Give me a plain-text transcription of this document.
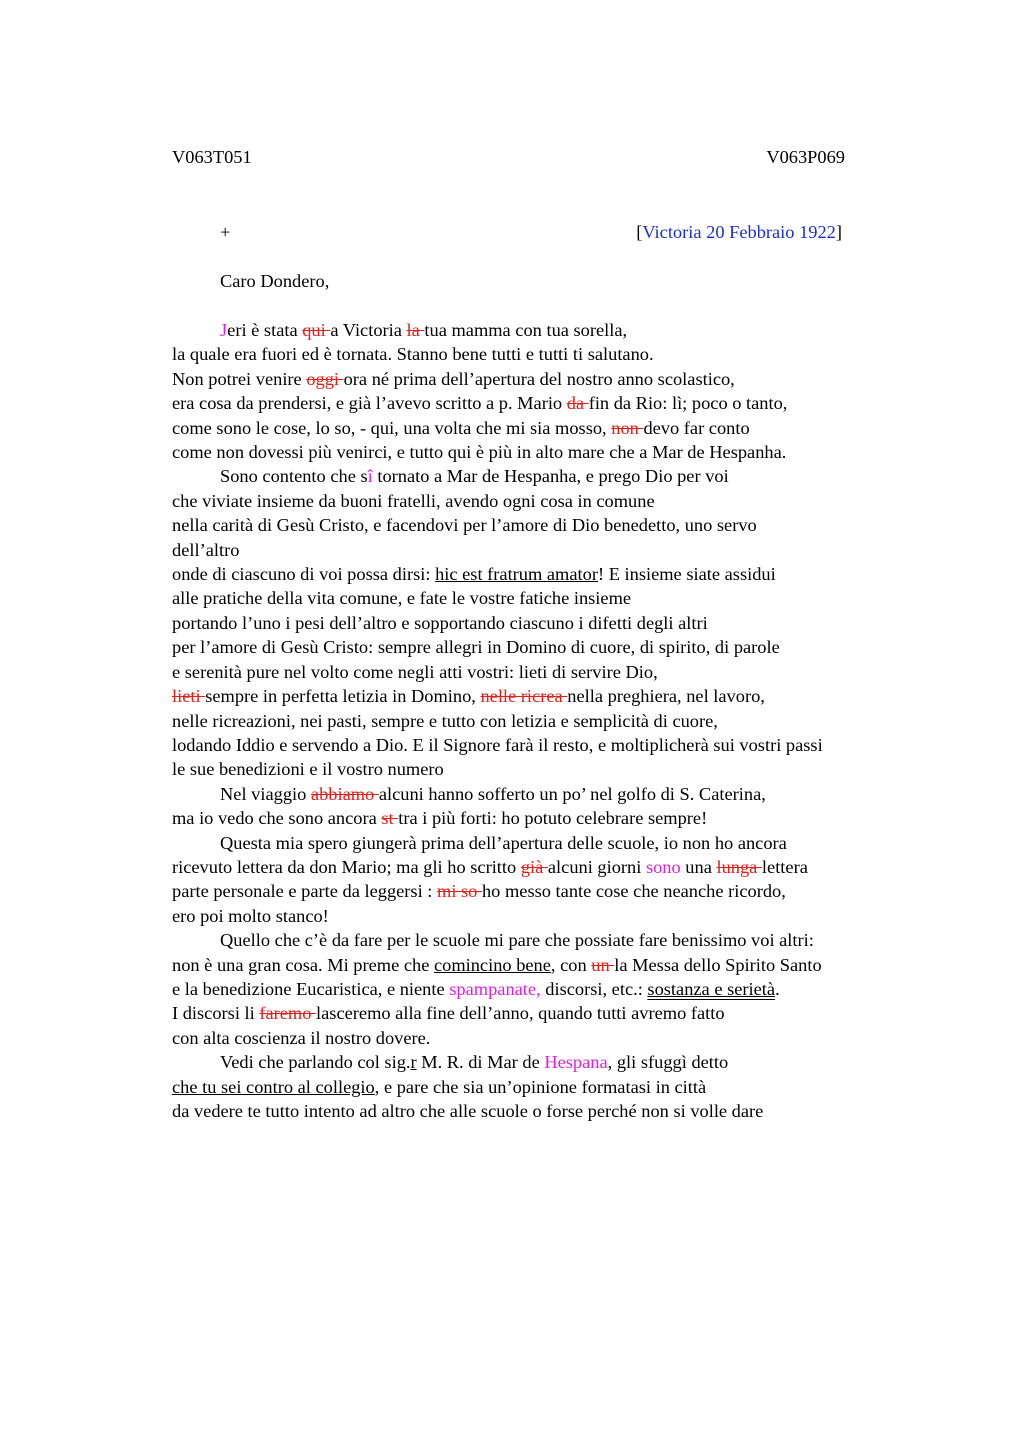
V063T051	V063P069
+	[Victoria 20 Febbraio 1922]
Caro Dondero,
Jeri è stata qui a Victoria la tua mamma con tua sorella,
la quale era fuori ed è tornata. Stanno bene tutti e tutti ti salutano.
Non potrei venire oggi ora né prima dell’apertura del nostro anno scolastico,
era cosa da prendersi, e già l’avevo scritto a p. Mario da fin da Rio: lì; poco o tanto,
come sono le cose, lo so, - qui, una volta che mi sia mosso, non devo far conto
come non dovessi più venirci, e tutto qui è più in alto mare che a Mar de Hespanha.
Sono contento che sî tornato a Mar de Hespanha, e prego Dio per voi
che viviate insieme da buoni fratelli, avendo ogni cosa in comune
nella carità di Gesù Cristo, e facendovi per l’amore di Dio benedetto, uno servo
dell’altro
onde di ciascuno di voi possa dirsi: hic est fratrum amator! E insieme siate assidui
alle pratiche della vita comune, e fate le vostre fatiche insieme
portando l’uno i pesi dell’altro e sopportando ciascuno i difetti degli altri
per l’amore di Gesù Cristo: sempre allegri in Domino di cuore, di spirito, di parole
e serenità pure nel volto come negli atti vostri: lieti di servire Dio,
lieti sempre in perfetta letizia in Domino, nelle ricrea nella preghiera, nel lavoro,
nelle ricreazioni, nei pasti, sempre e tutto con letizia e semplicità di cuore,
lodando Iddio e servendo a Dio. E il Signore farà il resto, e moltiplicherà sui vostri passi
le sue benedizioni e il vostro numero
Nel viaggio abbiamo alcuni hanno sofferto un po’ nel golfo di S. Caterina,
ma io vedo che sono ancora st tra i più forti: ho potuto celebrare sempre!
Questa mia spero giungerà prima dell’apertura delle scuole, io non ho ancora
ricevuto lettera da don Mario; ma gli ho scritto già alcuni giorni sono una lunga lettera
parte personale e parte da leggersi : mi so ho messo tante cose che neanche ricordo,
ero poi molto stanco!
Quello che c’è da fare per le scuole mi pare che possiate fare benissimo voi altri:
non è una gran cosa. Mi preme che comincino bene, con un la Messa dello Spirito Santo
e la benedizione Eucaristica, e niente spampanate, discorsi, etc.: sostanza e serietà.
I discorsi li faremo lasceremo alla fine dell’anno, quando tutti avremo fatto
con alta coscienza il nostro dovere.
Vedi che parlando col sig.r M. R. di Mar de Hespana, gli sfuggì detto
che tu sei contro al collegio, e pare che sia un’opinione formatasi in città
da vedere te tutto intento ad altro che alle scuole o forse perché non si volle dare
